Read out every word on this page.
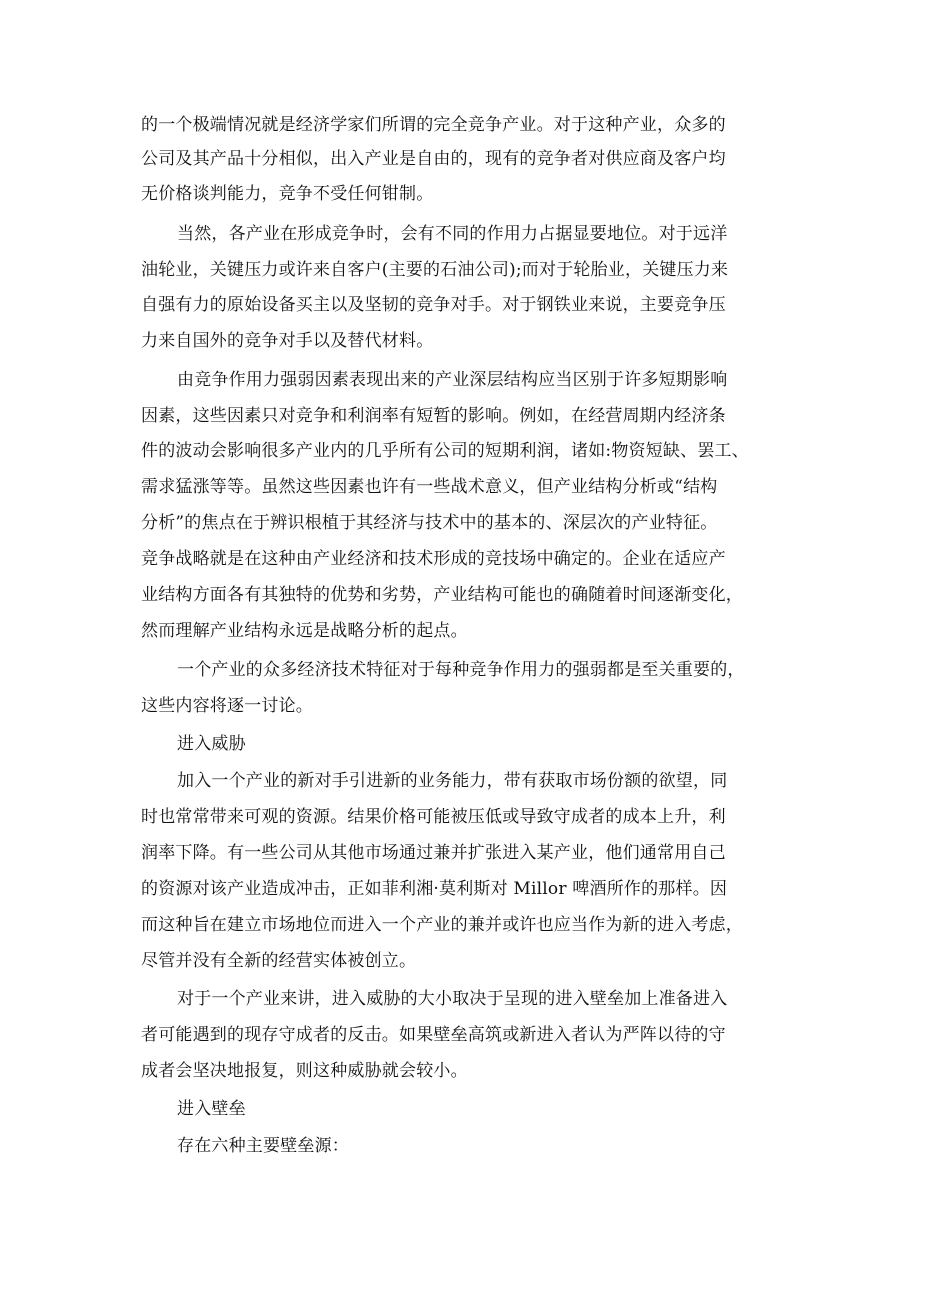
的一个极端情况就是经济学家们所谓的完全竞争产业。对于这种产业，众多的
公司及其产品十分相似，出入产业是自由的，现有的竞争者对供应商及客户均
无价格谈判能力，竞争不受任何钳制。
当然，各产业在形成竞争时，会有不同的作用力占据显要地位。对于远洋
油轮业，关键压力或许来自客户(主要的石油公司);而对于轮胎业，关键压力来
自强有力的原始设备买主以及坚韧的竞争对手。对于钢铁业来说，主要竞争压
力来自国外的竞争对手以及替代材料。
由竞争作用力强弱因素表现出来的产业深层结构应当区别于许多短期影响
因素，这些因素只对竞争和利润率有短暂的影响。例如，在经营周期内经济条
件的波动会影响很多产业内的几乎所有公司的短期利润，诸如:物资短缺、罢工、
需求猛涨等等。虽然这些因素也许有一些战术意义，但产业结构分析或“结构
分析”的焦点在于辨识根植于其经济与技术中的基本的、深层次的产业特征。
竞争战略就是在这种由产业经济和技术形成的竞技场中确定的。企业在适应产
业结构方面各有其独特的优势和劣势，产业结构可能也的确随着时间逐渐变化，
然而理解产业结构永远是战略分析的起点。
一个产业的众多经济技术特征对于每种竞争作用力的强弱都是至关重要的，
这些内容将逐一讨论。
进入威胁
加入一个产业的新对手引进新的业务能力，带有获取市场份额的欲望，同
时也常常带来可观的资源。结果价格可能被压低或导致守成者的成本上升，利
润率下降。有一些公司从其他市场通过兼并扩张进入某产业，他们通常用自己
的资源对该产业造成冲击，正如菲利湘·莫利斯对 Millor 啤酒所作的那样。因
而这种旨在建立市场地位而进入一个产业的兼并或许也应当作为新的进入考虑，
尽管并没有全新的经营实体被创立。
对于一个产业来讲，进入威胁的大小取决于呈现的进入壁垒加上准备进入
者可能遇到的现存守成者的反击。如果壁垒高筑或新进入者认为严阵以待的守
成者会坚决地报复，则这种威胁就会较小。
进入壁垒
存在六种主要壁垒源：
